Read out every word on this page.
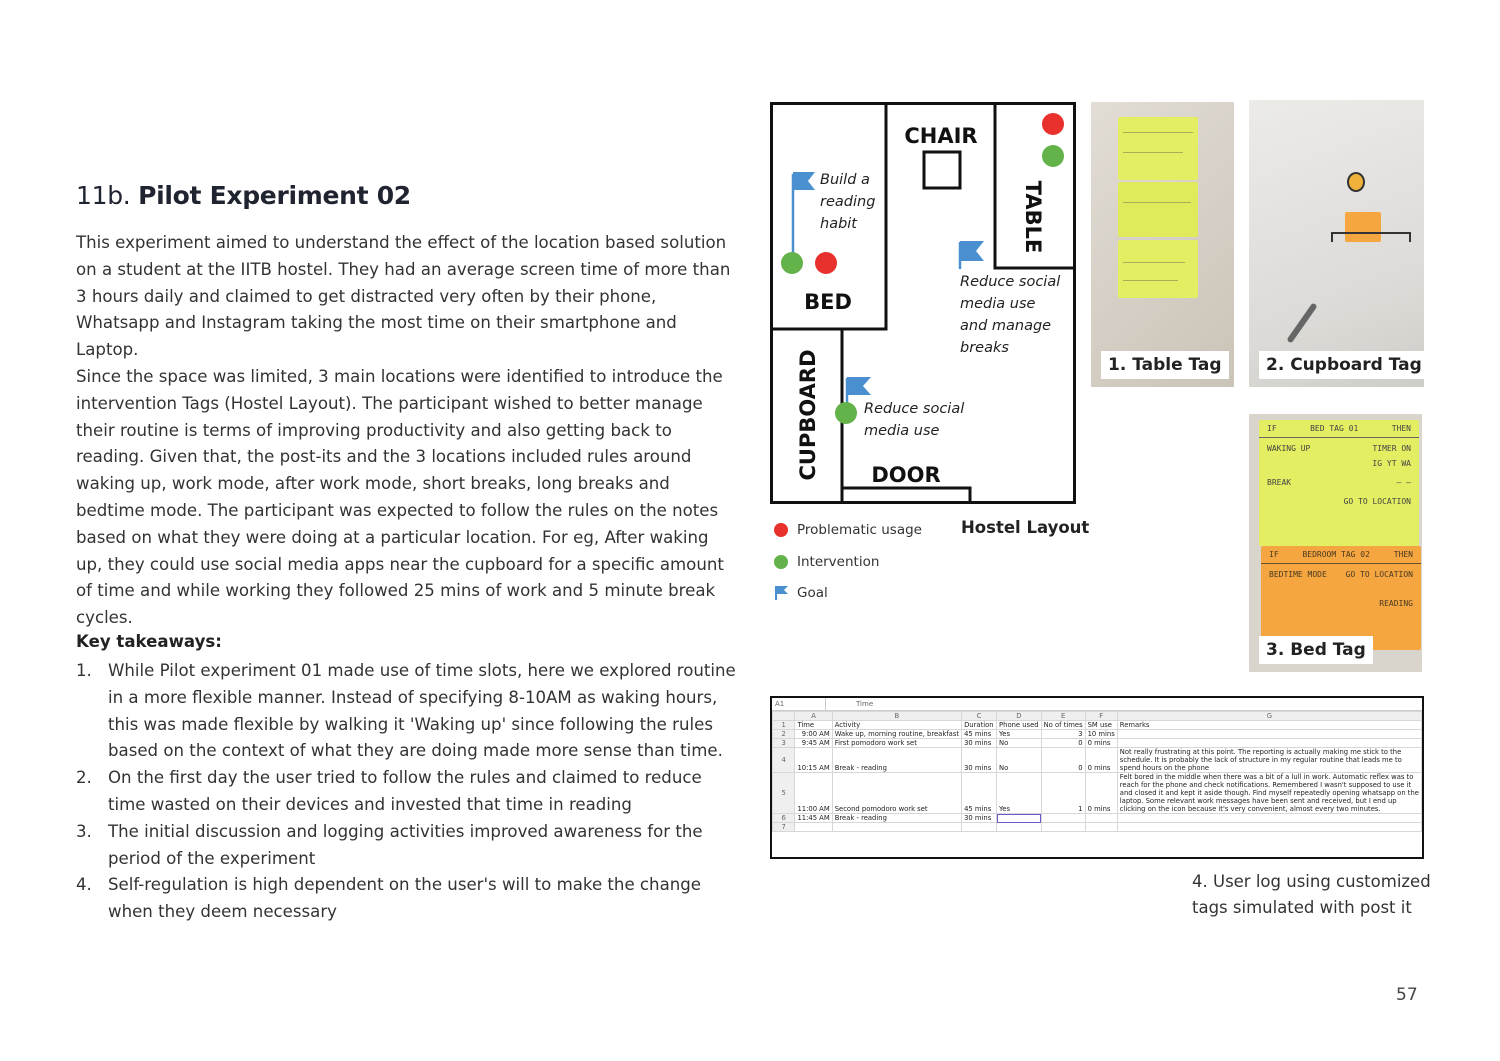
11b. Pilot Experiment 02

This experiment aimed to understand the effect of the location based solution on a student at the IITB hostel. They had an average screen time of more than 3 hours daily and claimed to get distracted very often by their phone, Whatsapp and Instagram taking the most time on their smartphone and Laptop.

Since the space was limited, 3 main locations were identified to introduce the intervention Tags (Hostel Layout). The participant wished to better manage their routine is terms of improving productivity and also getting back to reading. Given that, the post-its and the 3 locations included rules around waking up, work mode, after work mode, short breaks, long breaks and bedtime mode. The participant was expected to follow the rules on the notes based on what they were doing at a particular location. For eg, After waking up, they could use social media apps near the cupboard for a specific amount of time and while working they followed 25 mins of work and 5 minute break cycles.

Key takeaways:
1. While Pilot experiment 01 made use of time slots, here we explored routine in a more flexible manner. Instead of specifying 8-10AM as waking hours, this was made flexible by walking it 'Waking up' since following the rules based on the context of what they are doing made more sense than time.
2. On the first day the user tried to follow the rules and claimed to reduce time wasted on their devices and invested that time in reading
3. The initial discussion and logging activities improved awareness for the period of the experiment
4. Self-regulation is high dependent on the user's will to make the change when they deem necessary
CHAIR
BED
DOOR
TABLE
CUPBOARD
Build a
reading
habit
Reduce social
media use
and manage
breaks
Reduce social
media use
Problematic usage
Intervention
Goal
Hostel Layout
1. Table Tag	2. Cupboard Tag
IF	BED TAG 01	THEN
WAKING UP	TIMER ON
IG YT WA
BREAK	— —
GO TO LOCATION
IF	BEDROOM TAG 02	THEN
BEDTIME MODE GO TO LOCATION
READING
3. Bed Tag
A1	Time
	A	B	C	D	E	F	G
1	Time	Activity	Duration	Phone used	No of times	SM use	Remarks
2	9:00 AM	Wake up, morning routine, breakfast	45 mins	Yes	3	10 mins	
3	9:45 AM	First pomodoro work set	30 mins	No	0	0 mins	
4	10:15 AM	Break - reading	30 mins	No	0	0 mins	Not really frustrating at this point. The reporting is actually making me stick to the schedule. It is probably the lack of structure in my regular routine that leads me to spend hours on the phone
5	11:00 AM	Second pomodoro work set	45 mins	Yes	1	0 mins	Felt bored in the middle when there was a bit of a lull in work. Automatic reflex was to reach for the phone and check notifications. Remembered I wasn't supposed to use it and closed it and kept it aside though. Find myself repeatedly opening whatsapp on the laptop. Some relevant work messages have been sent and received, but I end up clicking on the icon because it's very convenient, almost every two minutes.
6	11:45 AM	Break - reading	30 mins				
7							
4. User log using customized
tags simulated with post it
57
